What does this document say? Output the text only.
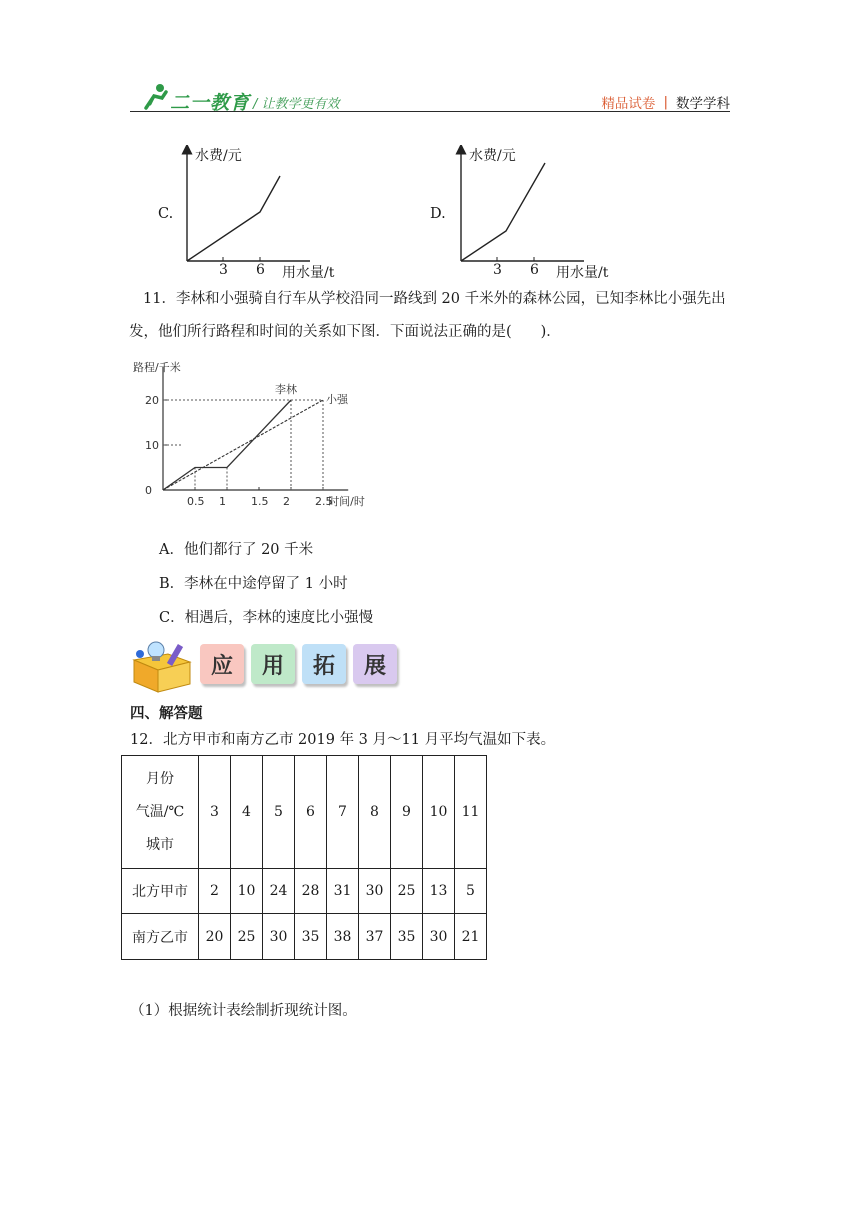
二一教育 / 让教学更有效	精品试卷 | 数学学科
C.
水费/元
3 6 用水量/t
D.
水费/元
3 6 用水量/t
11．李林和小强骑自行车从学校沿同一路线到 20 千米外的森林公园，已知李林比小强先出
发，他们所行路程和时间的关系如下图．下面说法正确的是(　　)．
路程/千米
时间/时
0
10
20
0.5 1 1.5 2 2.5
李林
小强
A．他们都行了 20 千米
B．李林在中途停留了 1 小时
C．相遇后，李林的速度比小强慢
应	用	拓	展
四、解答题
12．北方甲市和南方乙市 2019 年 3 月～11 月平均气温如下表。
月份
气温/℃
城市	3	4	5	6	7	8	9	10	11
北方甲市	2	10	24	28	31	30	25	13	5
南方乙市	20	25	30	35	38	37	35	30	21
（1）根据统计表绘制折现统计图。
